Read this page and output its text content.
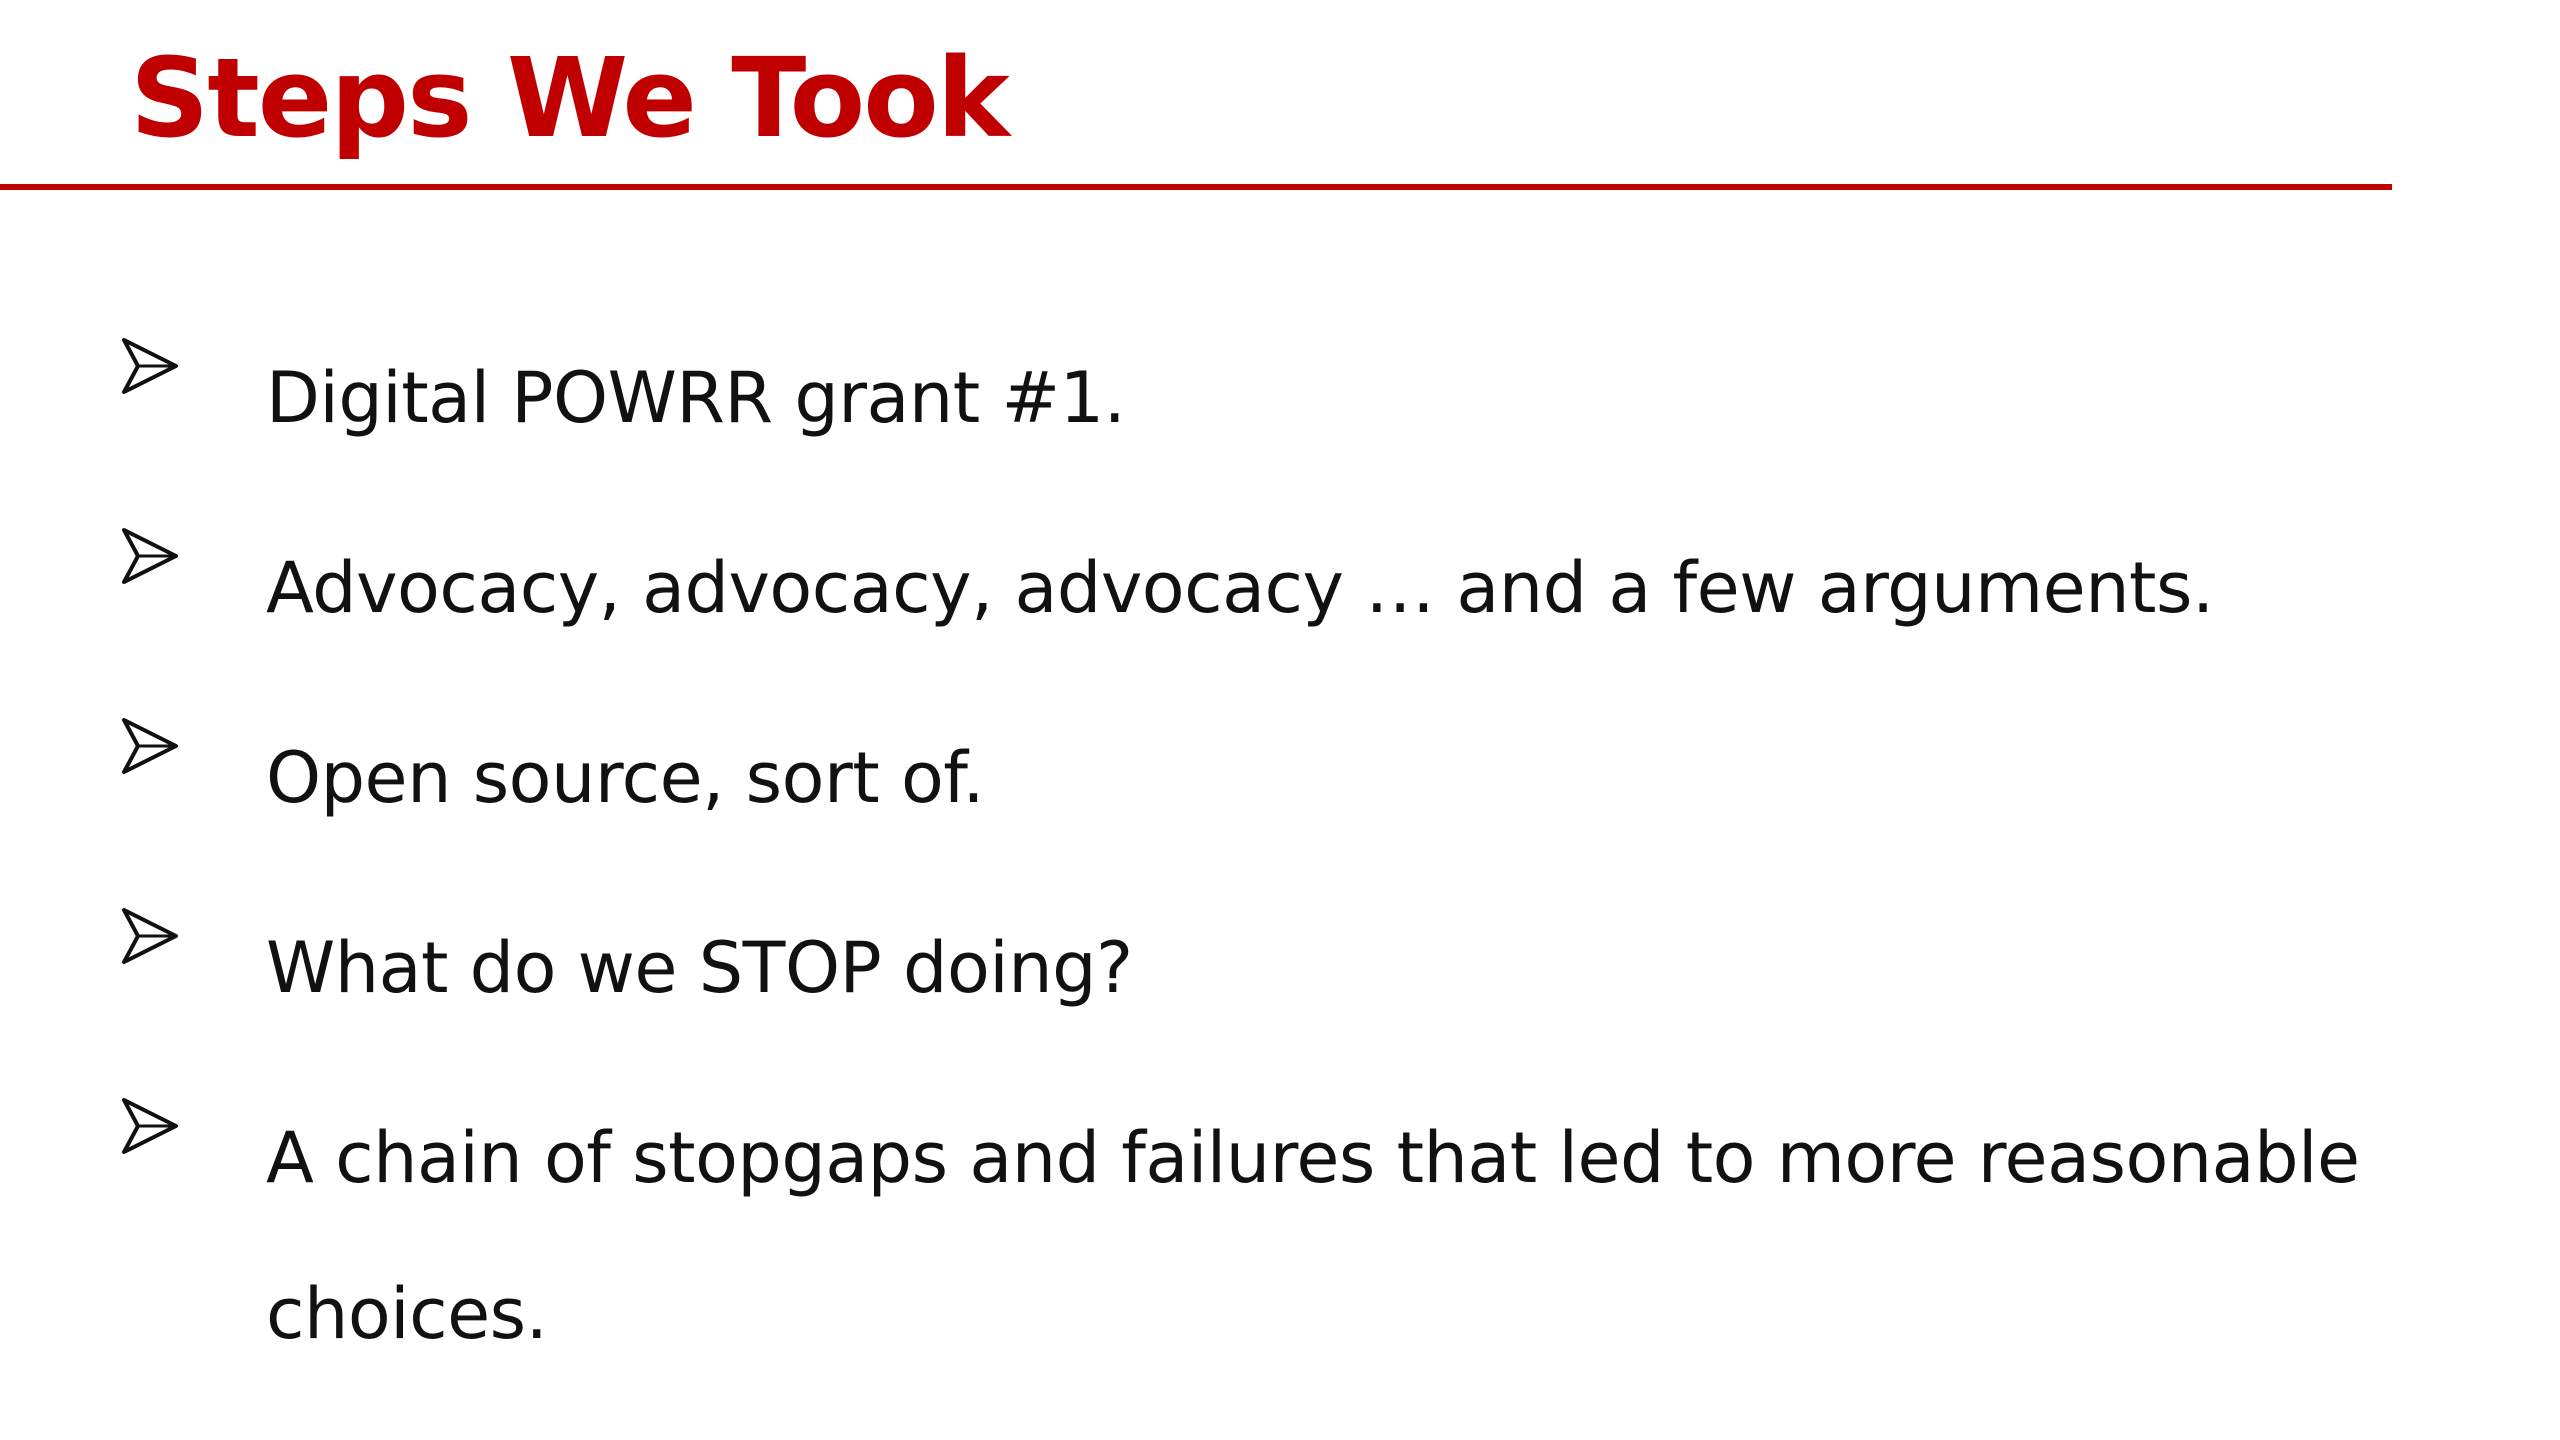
Steps We Took
Digital POWRR grant #1.
Advocacy, advocacy, advocacy … and a few arguments.
Open source, sort of.
What do we STOP doing?
A chain of stopgaps and failures that led to more reasonable choices.
